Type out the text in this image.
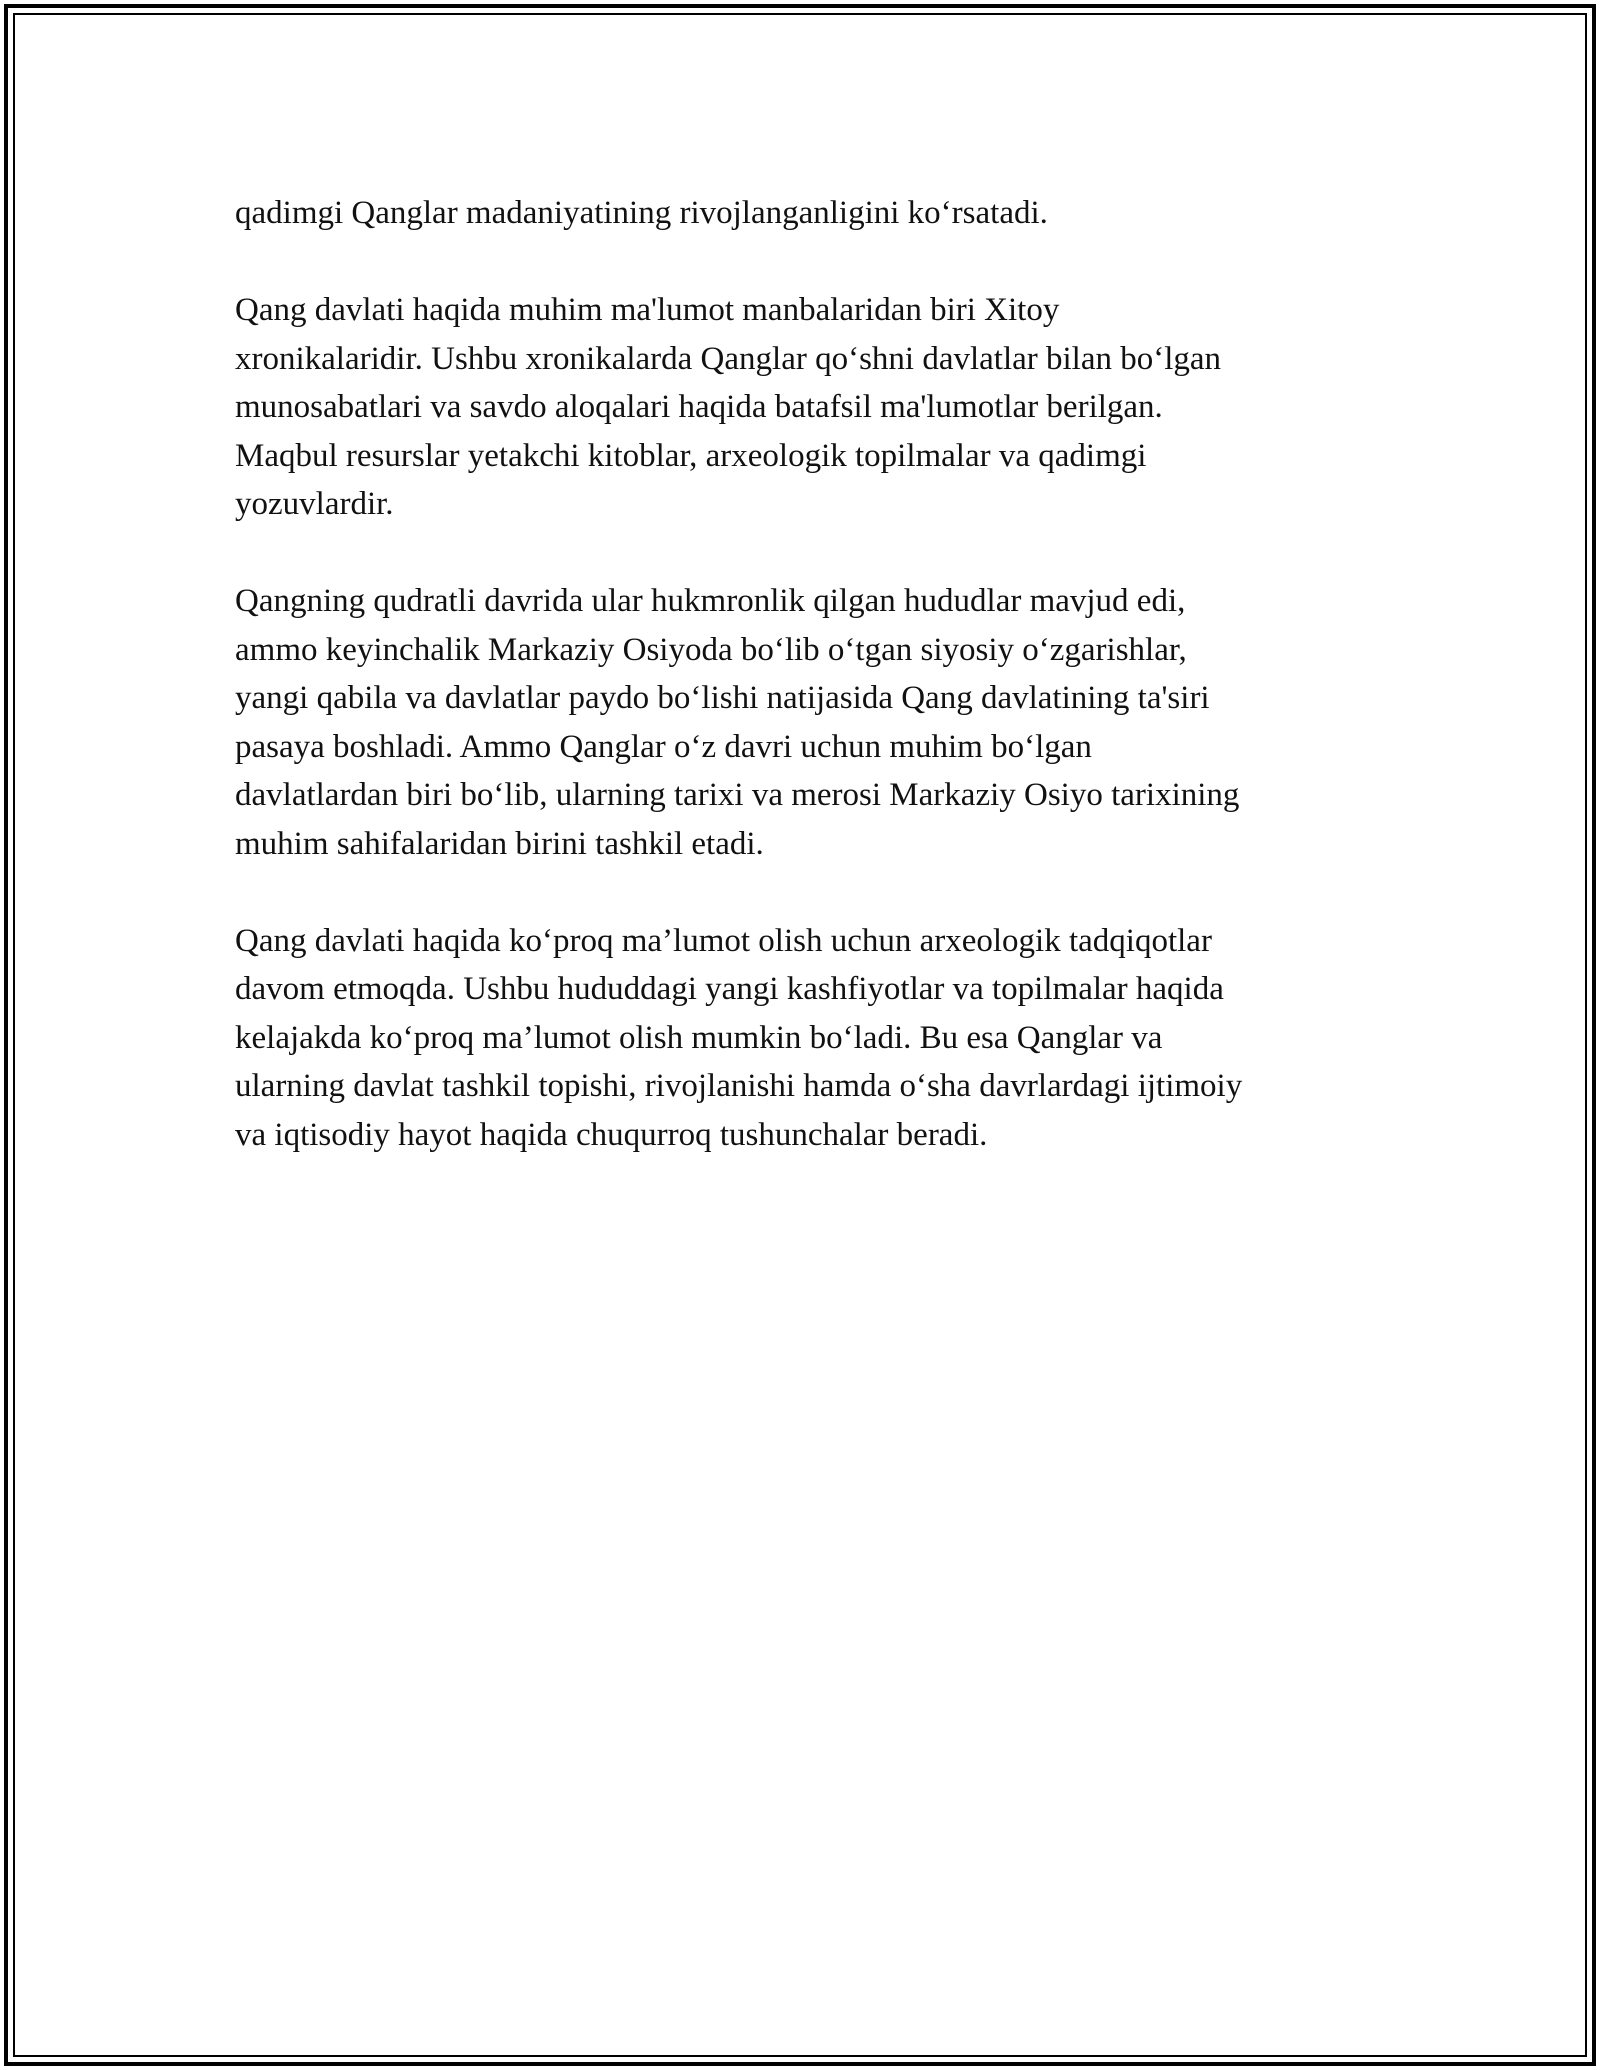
qadimgi Qanglar madaniyatining rivojlanganligini ko‘rsatadi.

Qang davlati haqida muhim ma'lumot manbalaridan biri Xitoy
xronikalaridir. Ushbu xronikalarda Qanglar qo‘shni davlatlar bilan bo‘lgan
munosabatlari va savdo aloqalari haqida batafsil ma'lumotlar berilgan.
Maqbul resurslar yetakchi kitoblar, arxeologik topilmalar va qadimgi
yozuvlardir.

Qangning qudratli davrida ular hukmronlik qilgan hududlar mavjud edi,
ammo keyinchalik Markaziy Osiyoda bo‘lib o‘tgan siyosiy o‘zgarishlar,
yangi qabila va davlatlar paydo bo‘lishi natijasida Qang davlatining ta'siri
pasaya boshladi. Ammo Qanglar o‘z davri uchun muhim bo‘lgan
davlatlardan biri bo‘lib, ularning tarixi va merosi Markaziy Osiyo tarixining
muhim sahifalaridan birini tashkil etadi.

Qang davlati haqida ko‘proq ma’lumot olish uchun arxeologik tadqiqotlar
davom etmoqda. Ushbu hududdagi yangi kashfiyotlar va topilmalar haqida
kelajakda ko‘proq ma’lumot olish mumkin bo‘ladi. Bu esa Qanglar va
ularning davlat tashkil topishi, rivojlanishi hamda o‘sha davrlardagi ijtimoiy
va iqtisodiy hayot haqida chuqurroq tushunchalar beradi.
